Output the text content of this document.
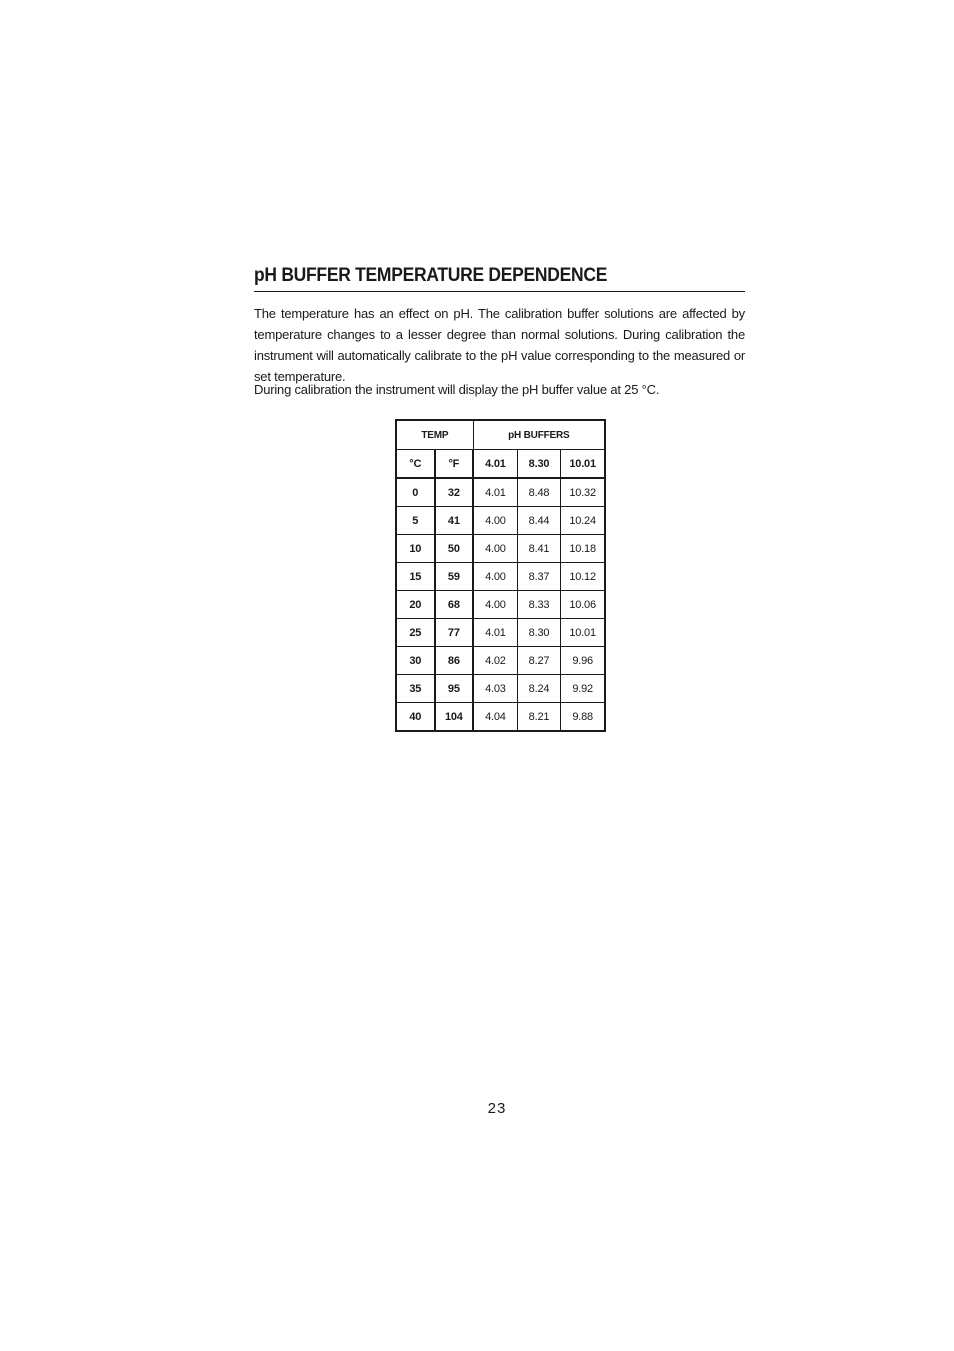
pH BUFFER TEMPERATURE DEPENDENCE
The temperature has an effect on pH. The calibration buffer solutions are affected by temperature changes to a lesser degree than normal solutions. During calibration the instrument will automatically calibrate to the pH value corresponding to the measured or set temperature.
During calibration the instrument will display the pH buffer value at 25 °C.
TEMP		pH BUFFERS		
°C	°F	4.01	8.30	10.01
0	32	4.01	8.48	10.32
5	41	4.00	8.44	10.24
10	50	4.00	8.41	10.18
15	59	4.00	8.37	10.12
20	68	4.00	8.33	10.06
25	77	4.01	8.30	10.01
30	86	4.02	8.27	9.96
35	95	4.03	8.24	9.92
40	104	4.04	8.21	9.88
23
